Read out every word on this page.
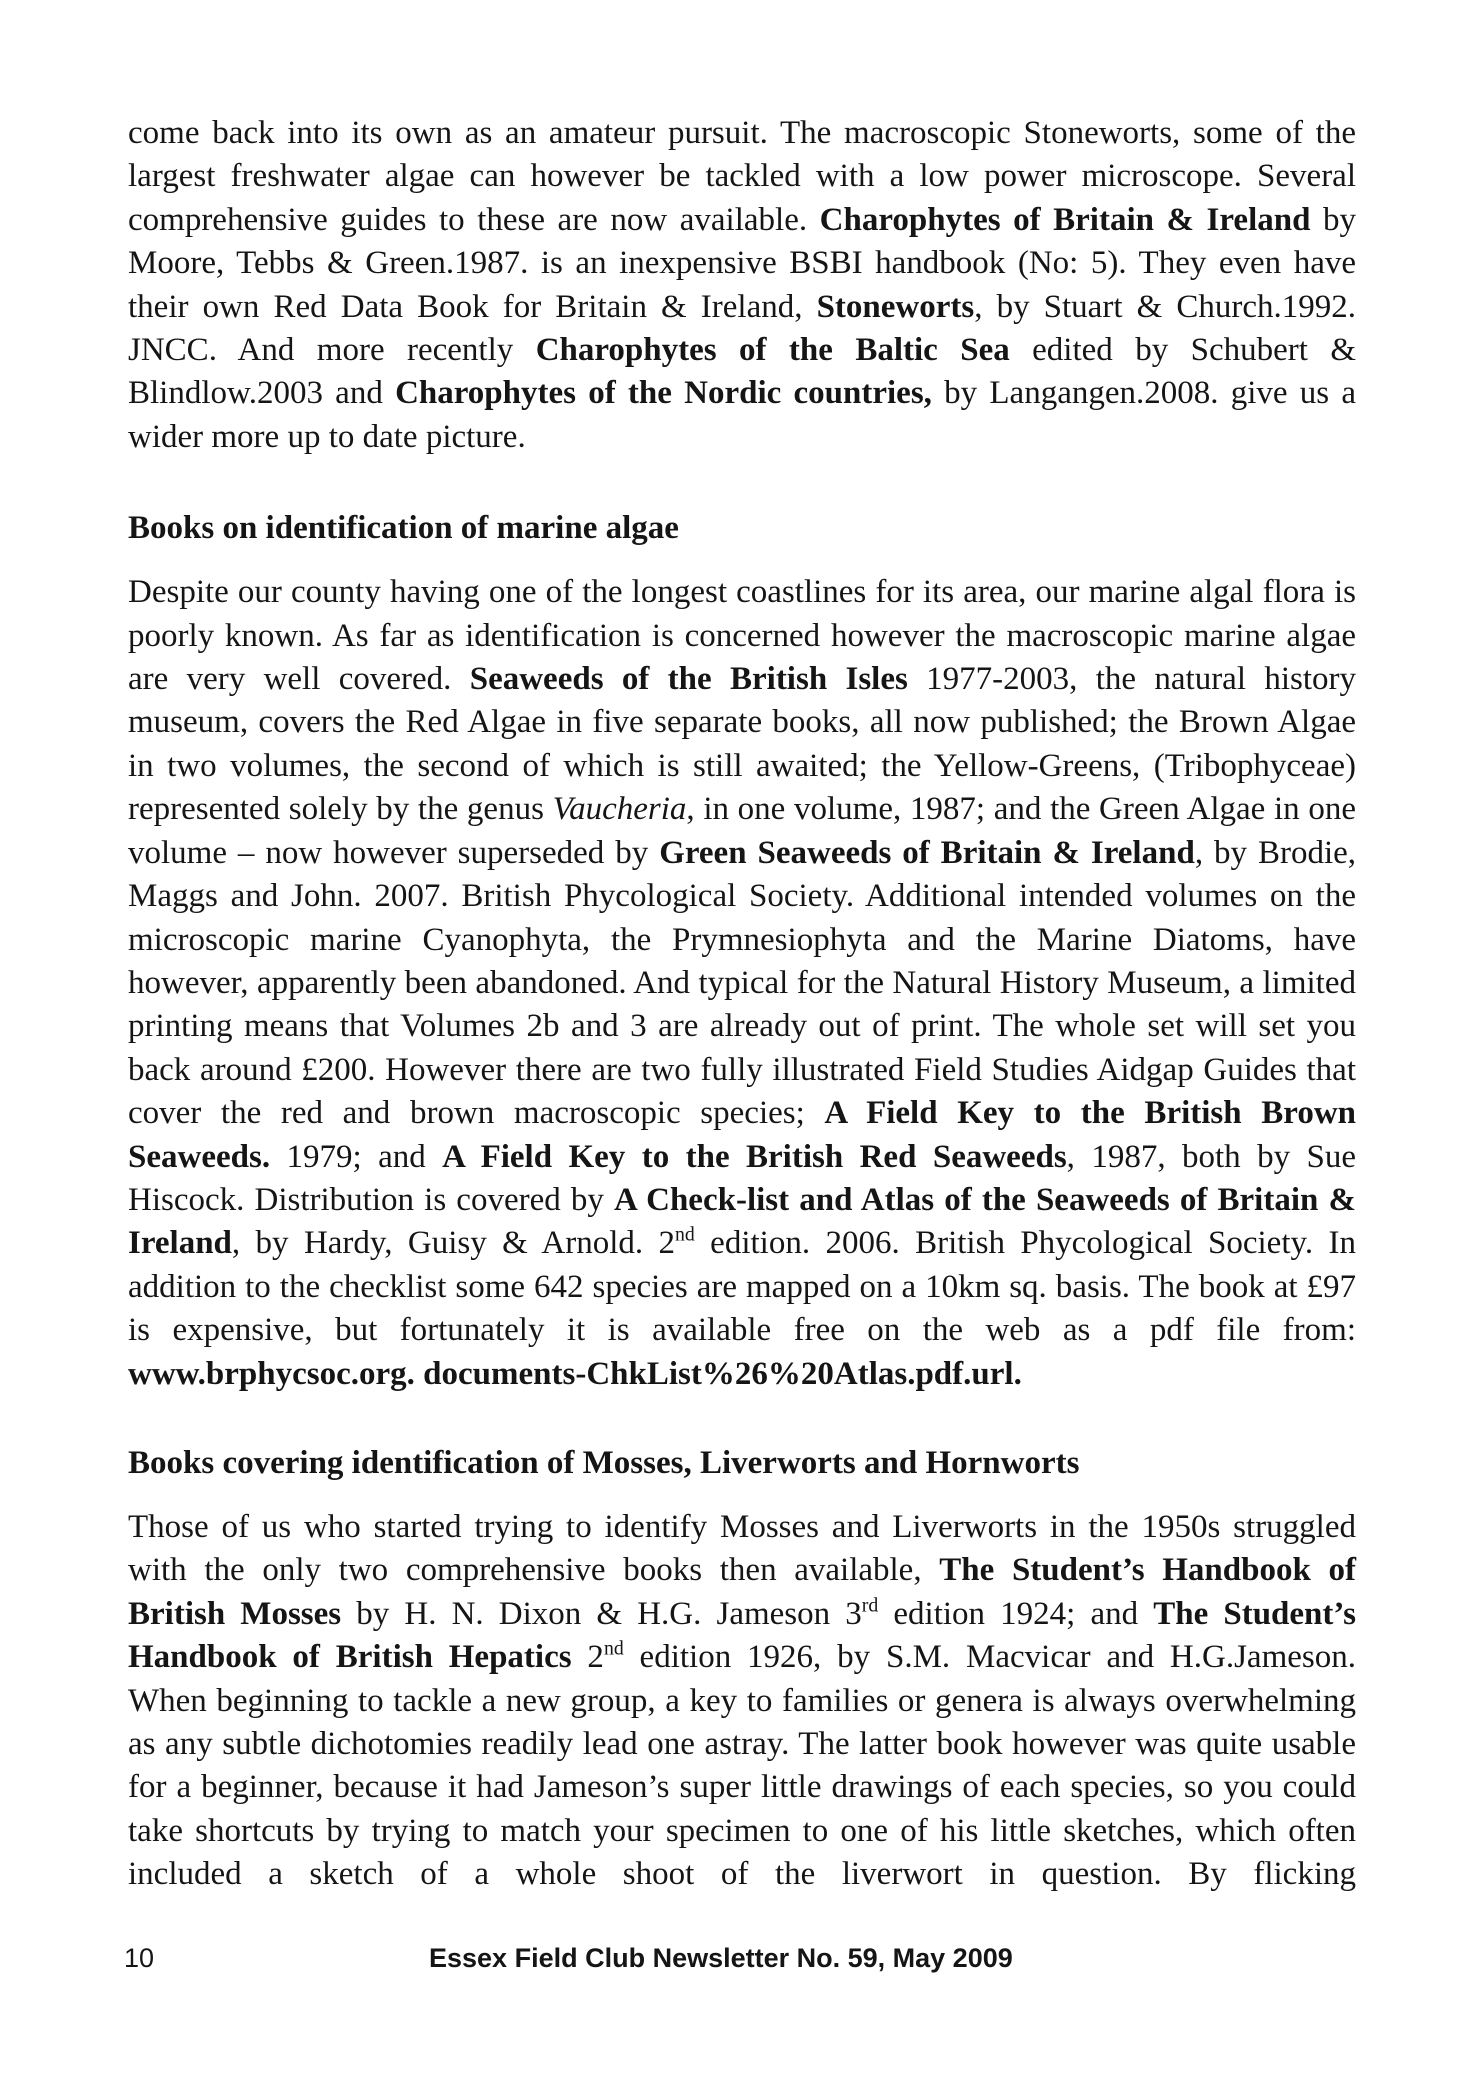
come back into its own as an amateur pursuit. The macroscopic Stoneworts, some of the largest freshwater algae can however be tackled with a low power microscope. Several comprehensive guides to these are now available. Charophytes of Britain & Ireland by Moore, Tebbs & Green.1987. is an inexpensive BSBI handbook (No: 5). They even have their own Red Data Book for Britain & Ireland, Stoneworts, by Stuart & Church.1992. JNCC. And more recently Charophytes of the Baltic Sea edited by Schubert & Blindlow.2003 and Charophytes of the Nordic countries, by Langangen.2008. give us a wider more up to date picture.

Books on identification of marine algae

Despite our county having one of the longest coastlines for its area, our marine algal flora is poorly known. As far as identification is concerned however the macroscopic marine algae are very well covered. Seaweeds of the British Isles 1977-2003, the natural history museum, covers the Red Algae in five separate books, all now published; the Brown Algae in two volumes, the second of which is still awaited; the Yellow-Greens, (Tribophyceae) represented solely by the genus Vaucheria, in one volume, 1987; and the Green Algae in one volume – now however superseded by Green Seaweeds of Britain & Ireland, by Brodie, Maggs and John. 2007. British Phycological Society. Additional intended volumes on the microscopic marine Cyanophyta, the Prymnesiophyta and the Marine Diatoms, have however, apparently been abandoned. And typical for the Natural History Museum, a limited printing means that Volumes 2b and 3 are already out of print. The whole set will set you back around £200. However there are two fully illustrated Field Studies Aidgap Guides that cover the red and brown macroscopic species; A Field Key to the British Brown Seaweeds. 1979; and A Field Key to the British Red Seaweeds, 1987, both by Sue Hiscock. Distribution is covered by A Check-list and Atlas of the Seaweeds of Britain & Ireland, by Hardy, Guisy & Arnold. 2nd edition. 2006. British Phycological Society. In addition to the checklist some 642 species are mapped on a 10km sq. basis. The book at £97 is expensive, but fortunately it is available free on the web as a pdf file from: www.brphycsoc.org. documents-ChkList%26%20Atlas.pdf.url.

Books covering identification of Mosses, Liverworts and Hornworts

Those of us who started trying to identify Mosses and Liverworts in the 1950s struggled with the only two comprehensive books then available, The Student’s Handbook of British Mosses by H. N. Dixon & H.G. Jameson 3rd edition 1924; and The Student’s Handbook of British Hepatics 2nd edition 1926, by S.M. Macvicar and H.G.Jameson. When beginning to tackle a new group, a key to families or genera is always overwhelming as any subtle dichotomies readily lead one astray. The latter book however was quite usable for a beginner, because it had Jameson’s super little drawings of each species, so you could take shortcuts by trying to match your specimen to one of his little sketches, which often included a sketch of a whole shoot of the liverwort in question. By flicking

10	Essex Field Club Newsletter No. 59, May 2009
